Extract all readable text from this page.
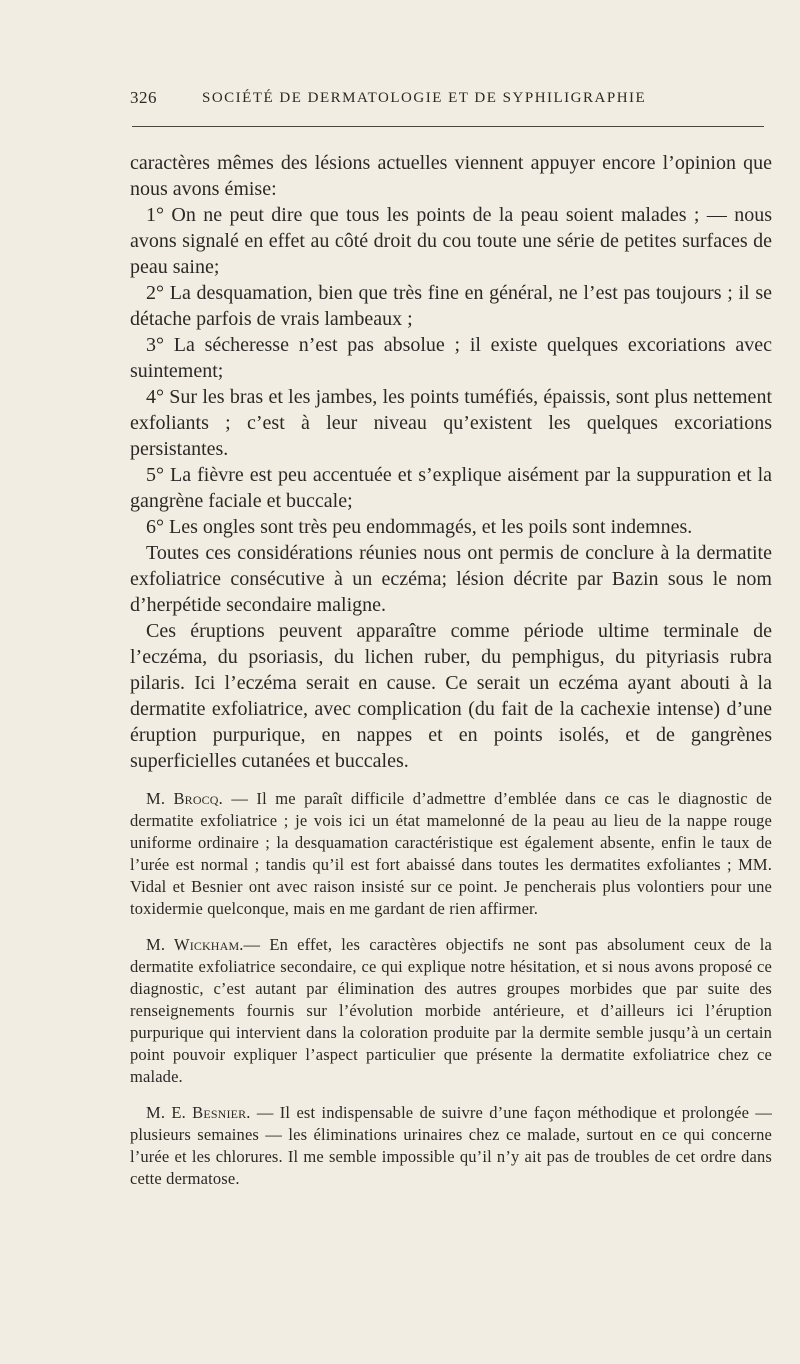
326	SOCIÉTÉ DE DERMATOLOGIE ET DE SYPHILIGRAPHIE

caractères mêmes des lésions actuelles viennent appuyer encore l’opinion que nous avons émise:

1° On ne peut dire que tous les points de la peau soient malades ; — nous avons signalé en effet au côté droit du cou toute une série de petites surfaces de peau saine;

2° La desquamation, bien que très fine en général, ne l’est pas toujours ; il se détache parfois de vrais lambeaux ;

3° La sécheresse n’est pas absolue ; il existe quelques excoriations avec suintement;

4° Sur les bras et les jambes, les points tuméfiés, épaissis, sont plus nettement exfoliants ; c’est à leur niveau qu’existent les quelques excoriations persistantes.

5° La fièvre est peu accentuée et s’explique aisément par la suppuration et la gangrène faciale et buccale;

6° Les ongles sont très peu endommagés, et les poils sont indemnes.

Toutes ces considérations réunies nous ont permis de conclure à la dermatite exfoliatrice consécutive à un eczéma; lésion décrite par Bazin sous le nom d’herpétide secondaire maligne.

Ces éruptions peuvent apparaître comme période ultime terminale de l’eczéma, du psoriasis, du lichen ruber, du pemphigus, du pityriasis rubra pilaris. Ici l’eczéma serait en cause. Ce serait un eczéma ayant abouti à la dermatite exfoliatrice, avec complication (du fait de la cachexie intense) d’une éruption purpurique, en nappes et en points isolés, et de gangrènes superficielles cutanées et buccales.

M. Brocq. — Il me paraît difficile d’admettre d’emblée dans ce cas le diagnostic de dermatite exfoliatrice ; je vois ici un état mamelonné de la peau au lieu de la nappe rouge uniforme ordinaire ; la desquamation caractéristique est également absente, enfin le taux de l’urée est normal ; tandis qu’il est fort abaissé dans toutes les dermatites exfoliantes ; MM. Vidal et Besnier ont avec raison insisté sur ce point. Je pencherais plus volontiers pour une toxidermie quelconque, mais en me gardant de rien affirmer.

M. Wickham.— En effet, les caractères objectifs ne sont pas absolument ceux de la dermatite exfoliatrice secondaire, ce qui explique notre hésitation, et si nous avons proposé ce diagnostic, c’est autant par élimination des autres groupes morbides que par suite des renseignements fournis sur l’évolution morbide antérieure, et d’ailleurs ici l’éruption purpurique qui intervient dans la coloration produite par la dermite semble jusqu’à un certain point pouvoir expliquer l’aspect particulier que présente la dermatite exfoliatrice chez ce malade.

M. E. Besnier. — Il est indispensable de suivre d’une façon méthodique et prolongée — plusieurs semaines — les éliminations urinaires chez ce malade, surtout en ce qui concerne l’urée et les chlorures. Il me semble impossible qu’il n’y ait pas de troubles de cet ordre dans cette dermatose.
